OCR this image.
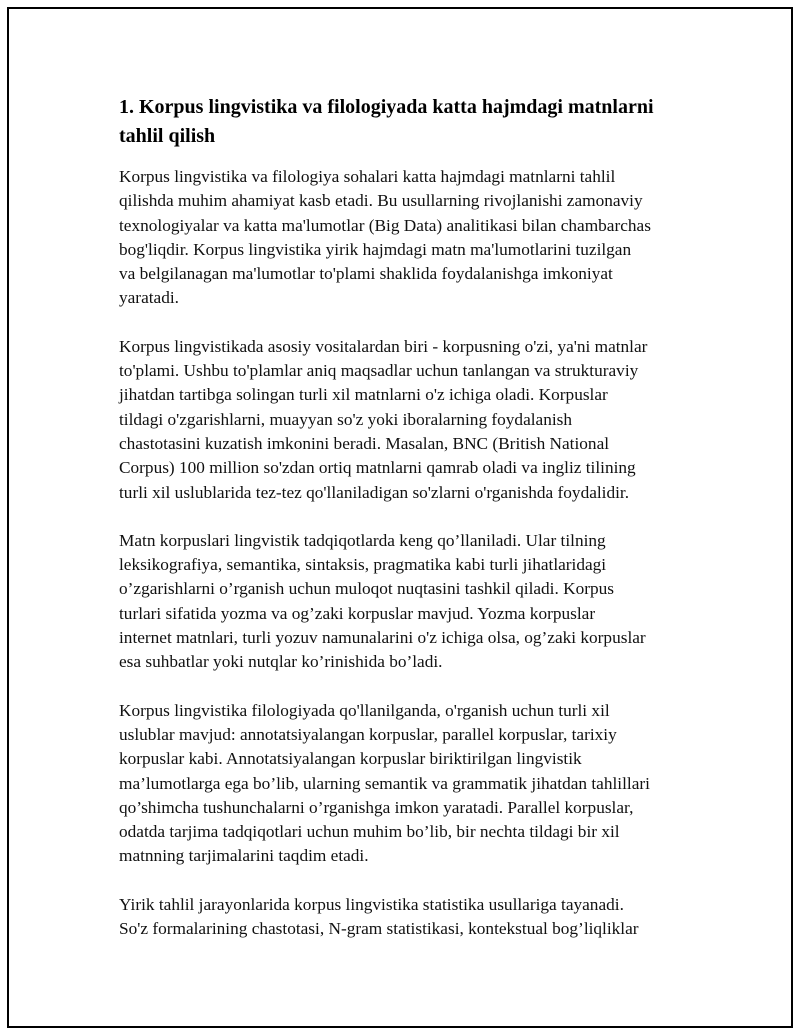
1. Korpus lingvistika va filologiyada katta hajmdagi matnlarni
tahlil qilish

Korpus lingvistika va filologiya sohalari katta hajmdagi matnlarni tahlil
qilishda muhim ahamiyat kasb etadi. Bu usullarning rivojlanishi zamonaviy
texnologiyalar va katta ma'lumotlar (Big Data) analitikasi bilan chambarchas
bog'liqdir. Korpus lingvistika yirik hajmdagi matn ma'lumotlarini tuzilgan
va belgilanagan ma'lumotlar to'plami shaklida foydalanishga imkoniyat
yaratadi.

Korpus lingvistikada asosiy vositalardan biri - korpusning o'zi, ya'ni matnlar
to'plami. Ushbu to'plamlar aniq maqsadlar uchun tanlangan va strukturaviy
jihatdan tartibga solingan turli xil matnlarni o'z ichiga oladi. Korpuslar
tildagi o'zgarishlarni, muayyan so'z yoki iboralarning foydalanish
chastotasini kuzatish imkonini beradi. Masalan, BNC (British National
Corpus) 100 million so'zdan ortiq matnlarni qamrab oladi va ingliz tilining
turli xil uslublarida tez-tez qo'llaniladigan so'zlarni o'rganishda foydalidir.

Matn korpuslari lingvistik tadqiqotlarda keng qo’llaniladi. Ular tilning
leksikografiya, semantika, sintaksis, pragmatika kabi turli jihatlaridagi
o’zgarishlarni o’rganish uchun muloqot nuqtasini tashkil qiladi. Korpus
turlari sifatida yozma va og’zaki korpuslar mavjud. Yozma korpuslar
internet matnlari, turli yozuv namunalarini o'z ichiga olsa, og’zaki korpuslar
esa suhbatlar yoki nutqlar ko’rinishida bo’ladi.

Korpus lingvistika filologiyada qo'llanilganda, o'rganish uchun turli xil
uslublar mavjud: annotatsiyalangan korpuslar, parallel korpuslar, tarixiy
korpuslar kabi. Annotatsiyalangan korpuslar biriktirilgan lingvistik
ma’lumotlarga ega bo’lib, ularning semantik va grammatik jihatdan tahlillari
qo’shimcha tushunchalarni o’rganishga imkon yaratadi. Parallel korpuslar,
odatda tarjima tadqiqotlari uchun muhim bo’lib, bir nechta tildagi bir xil
matnning tarjimalarini taqdim etadi.

Yirik tahlil jarayonlarida korpus lingvistika statistika usullariga tayanadi.
So'z formalarining chastotasi, N-gram statistikasi, kontekstual bog’liqliklar
